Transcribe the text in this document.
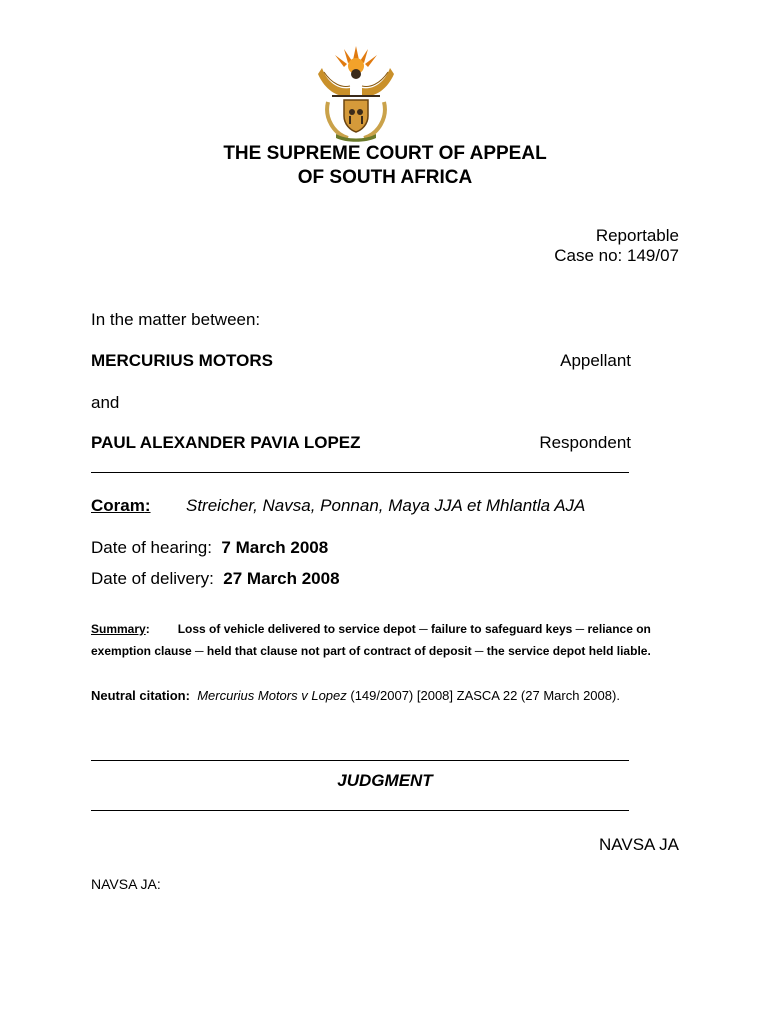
THE SUPREME COURT OF APPEAL
OF SOUTH AFRICA
Reportable
Case no: 149/07
In the matter between:
MERCURIUS MOTORS	Appellant
and
PAUL ALEXANDER PAVIA LOPEZ	Respondent
Coram: Streicher, Navsa, Ponnan, Maya JJA et Mhlantla AJA
Date of hearing: 7 March 2008
Date of delivery: 27 March 2008
Summary: Loss of vehicle delivered to service depot ─ failure to safeguard keys ─ reliance on
exemption clause ─ held that clause not part of contract of deposit ─ the service depot held liable.
Neutral citation: Mercurius Motors v Lopez (149/2007) [2008] ZASCA 22 (27 March 2008).
JUDGMENT
NAVSA JA
NAVSA JA:
